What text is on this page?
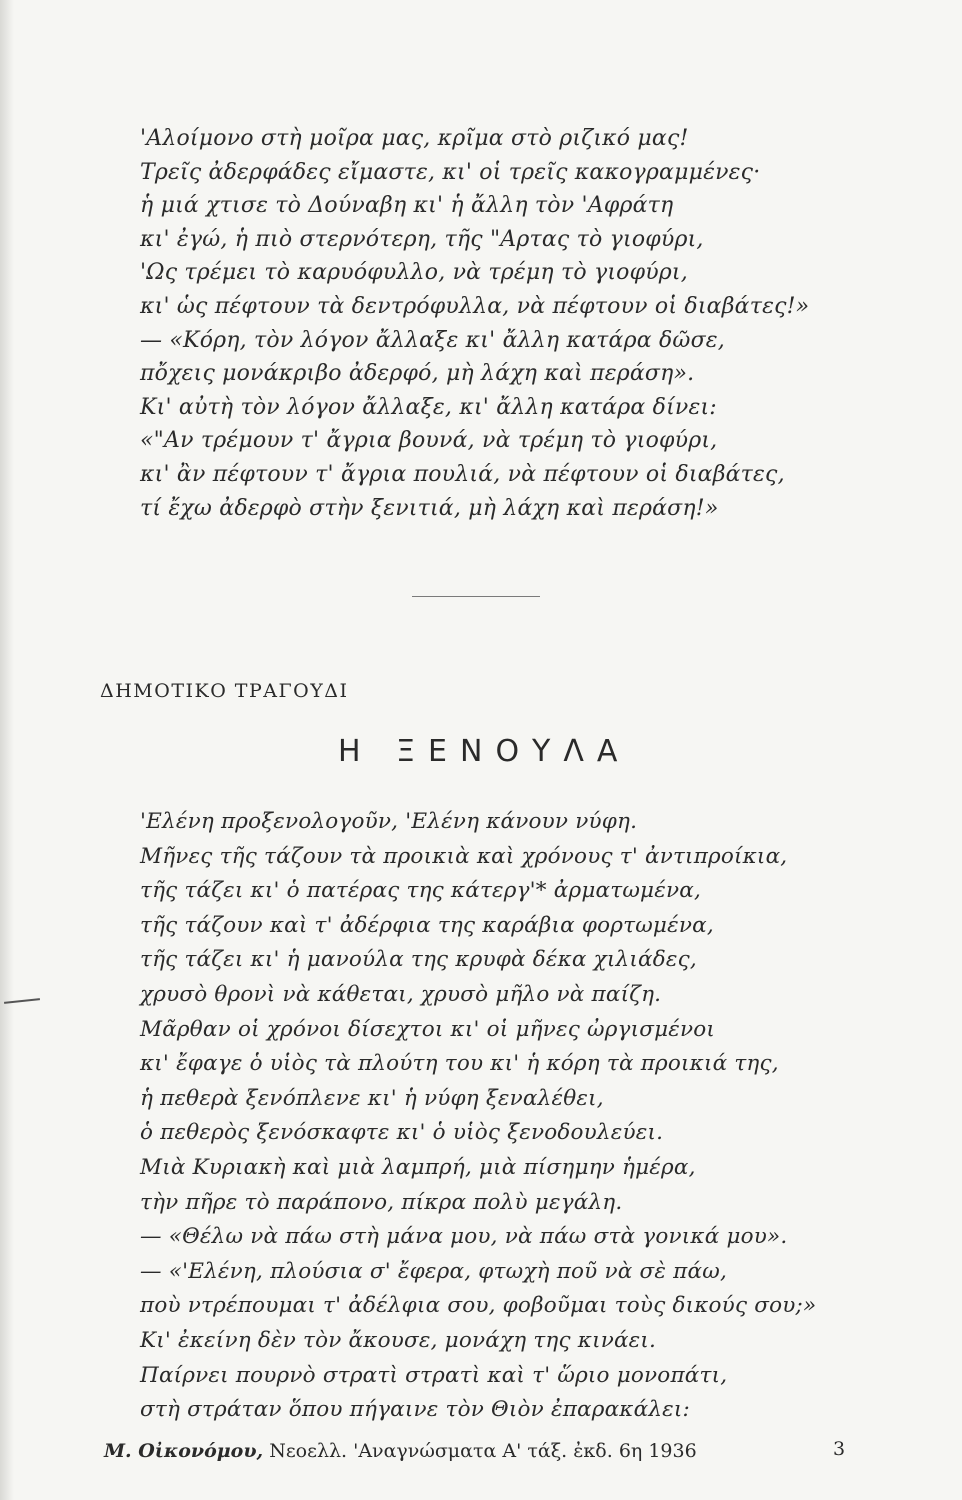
'Αλοίμονο στὴ μοῖρα μας, κρῖμα στὸ ριζικό μας!
Τρεῖς ἀδερφάδες εἴμαστε, κι' οἱ τρεῖς κακογραμμένες·
ἡ μιά χτισε τὸ Δούναβη κι' ἡ ἄλλη τὸν 'Αφράτη
κι' ἐγώ, ἡ πιὸ στερνότερη, τῆς "Αρτας τὸ γιοφύρι,
'Ως τρέμει τὸ καρυόφυλλο, νὰ τρέμη τὸ γιοφύρι,
κι' ὡς πέφτουν τὰ δεντρόφυλλα, νὰ πέφτουν οἱ διαβάτες!»
— «Κόρη, τὸν λόγον ἄλλαξε κι' ἄλλη κατάρα δῶσε,
πὄχεις μονάκριβο ἀδερφό, μὴ λάχη καὶ περάση».
Κι' αὐτὴ τὸν λόγον ἄλλαξε, κι' ἄλλη κατάρα δίνει:
«"Αν τρέμουν τ' ἄγρια βουνά, νὰ τρέμη τὸ γιοφύρι,
κι' ἂν πέφτουν τ' ἄγρια πουλιά, νὰ πέφτουν οἱ διαβάτες,
τί ἔχω ἀδερφὸ στὴν ξενιτιά, μὴ λάχη καὶ περάση!»
ΔΗΜΟΤΙΚΟ ΤΡΑΓΟΥΔΙ
Η ΞΕΝΟΥΛΑ
'Ελένη προξενολογοῦν, 'Ελένη κάνουν νύφη.
Μῆνες τῆς τάζουν τὰ προικιὰ καὶ χρόνους τ' ἀντιπροίκια,
τῆς τάζει κι' ὁ πατέρας της κάτεργ'* ἀρματωμένα,
τῆς τάζουν καὶ τ' ἀδέρφια της καράβια φορτωμένα,
τῆς τάζει κι' ἡ μανούλα της κρυφὰ δέκα χιλιάδες,
χρυσὸ θρονὶ νὰ κάθεται, χρυσὸ μῆλο νὰ παίζη.
Μᾶρθαν οἱ χρόνοι δίσεχτοι κι' οἱ μῆνες ὠργισμένοι
κι' ἔφαγε ὁ υἱὸς τὰ πλούτη του κι' ἡ κόρη τὰ προικιά της,
ἡ πεθερὰ ξενόπλενε κι' ἡ νύφη ξεναλέθει,
ὁ πεθερὸς ξενόσκαφτε κι' ὁ υἱὸς ξενοδουλεύει.
Μιὰ Κυριακὴ καὶ μιὰ λαμπρή, μιὰ πίσημην ἡμέρα,
τὴν πῆρε τὸ παράπονο, πίκρα πολὺ μεγάλη.
— «Θέλω νὰ πάω στὴ μάνα μου, νὰ πάω στὰ γονικά μου».
— «'Ελένη, πλούσια σ' ἔφερα, φτωχὴ ποῦ νὰ σὲ πάω,
ποὺ ντρέπουμαι τ' ἀδέλφια σου, φοβοῦμαι τοὺς δικούς σου;»
Κι' ἐκείνη δὲν τὸν ἄκουσε, μονάχη της κινάει.
Παίρνει πουρνὸ στρατὶ στρατὶ καὶ τ' ὥριο μονοπάτι,
στὴ στράταν ὅπου πήγαινε τὸν Θιὸν ἐπαρακάλει:
Μ. Οἰκονόμου, Νεοελλ. 'Αναγνώσματα Α' τάξ. ἐκδ. 6η 1936	3
